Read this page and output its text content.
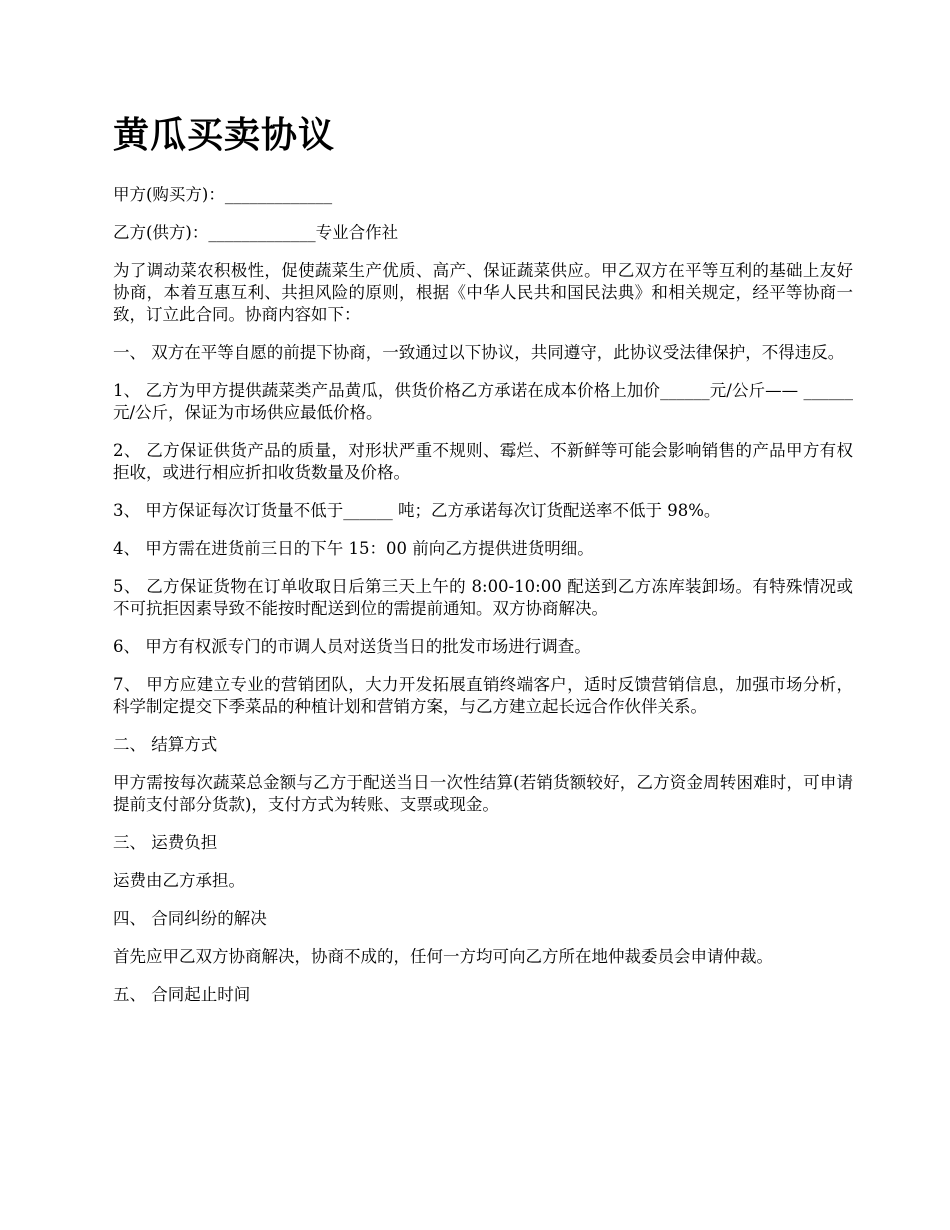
黄瓜买卖协议

甲方(购买方)：_____________

乙方(供方)：_____________专业合作社

为了调动菜农积极性，促使蔬菜生产优质、高产、保证蔬菜供应。甲乙双方在平等互利的基础上友好协商，本着互惠互利、共担风险的原则，根据《中华人民共和国民法典》和相关规定，经平等协商一致，订立此合同。协商内容如下：

一、 双方在平等自愿的前提下协商，一致通过以下协议，共同遵守，此协议受法律保护，不得违反。

1、 乙方为甲方提供蔬菜类产品黄瓜，供货价格乙方承诺在成本价格上加价______元/公斤—— ______元/公斤，保证为市场供应最低价格。

2、 乙方保证供货产品的质量，对形状严重不规则、霉烂、不新鲜等可能会影响销售的产品甲方有权拒收，或进行相应折扣收货数量及价格。

3、 甲方保证每次订货量不低于______ 吨；乙方承诺每次订货配送率不低于 98%。

4、 甲方需在进货前三日的下午 15：00 前向乙方提供进货明细。

5、 乙方保证货物在订单收取日后第三天上午的 8:00-10:00 配送到乙方冻库装卸场。有特殊情况或不可抗拒因素导致不能按时配送到位的需提前通知。双方协商解决。

6、 甲方有权派专门的市调人员对送货当日的批发市场进行调查。

7、 甲方应建立专业的营销团队，大力开发拓展直销终端客户，适时反馈营销信息，加强市场分析，科学制定提交下季菜品的种植计划和营销方案，与乙方建立起长远合作伙伴关系。

二、 结算方式

甲方需按每次蔬菜总金额与乙方于配送当日一次性结算(若销货额较好，乙方资金周转困难时，可申请提前支付部分货款)，支付方式为转账、支票或现金。

三、 运费负担

运费由乙方承担。

四、 合同纠纷的解决

首先应甲乙双方协商解决，协商不成的，任何一方均可向乙方所在地仲裁委员会申请仲裁。

五、 合同起止时间
